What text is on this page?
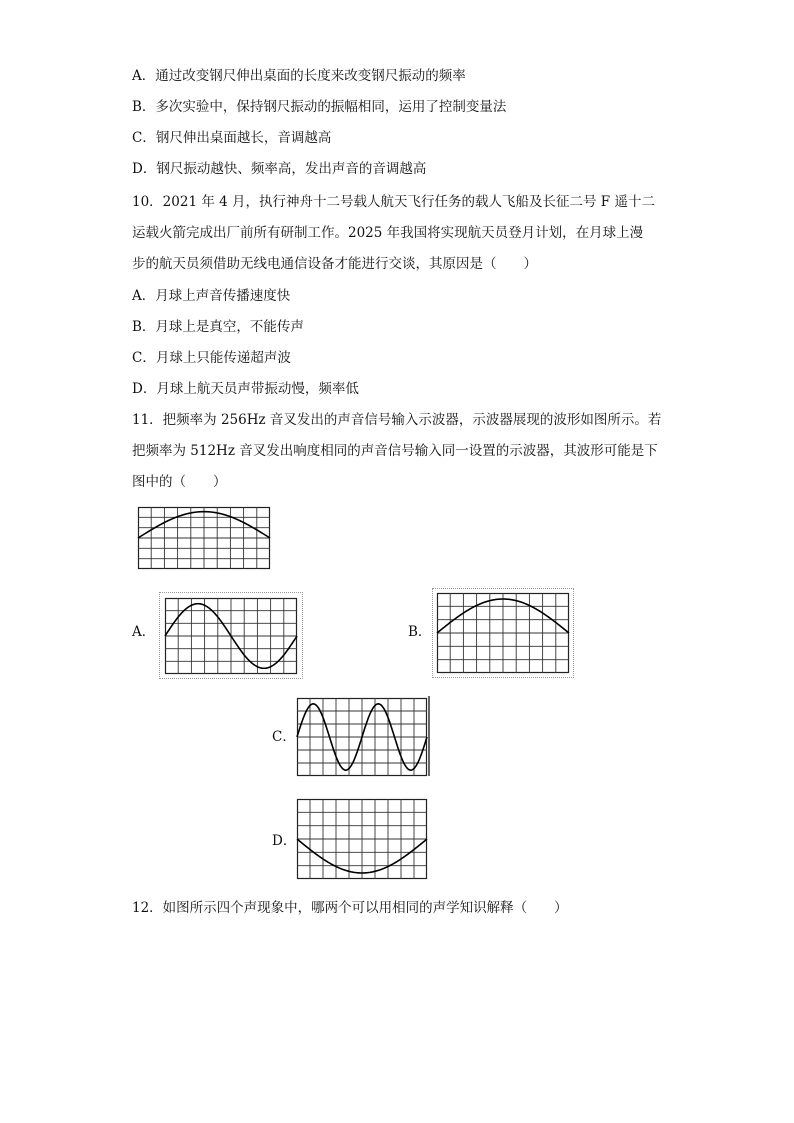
A．通过改变钢尺伸出桌面的长度来改变钢尺振动的频率
B．多次实验中，保持钢尺振动的振幅相同，运用了控制变量法
C．钢尺伸出桌面越长，音调越高
D．钢尺振动越快、频率高，发出声音的音调越高
10．2021 年 4 月，执行神舟十二号载人航天飞行任务的载人飞船及长征二号 F 遥十二
运载火箭完成出厂前所有研制工作。2025 年我国将实现航天员登月计划，在月球上漫
步的航天员须借助无线电通信设备才能进行交谈，其原因是（　　）
A．月球上声音传播速度快
B．月球上是真空，不能传声
C．月球上只能传递超声波
D．月球上航天员声带振动慢，频率低
11．把频率为 256Hz 音叉发出的声音信号输入示波器，示波器展现的波形如图所示。若
把频率为 512Hz 音叉发出响度相同的声音信号输入同一设置的示波器，其波形可能是下
图中的（　　）
A．	B．
C．
D．
12．如图所示四个声现象中，哪两个可以用相同的声学知识解释（　　）
